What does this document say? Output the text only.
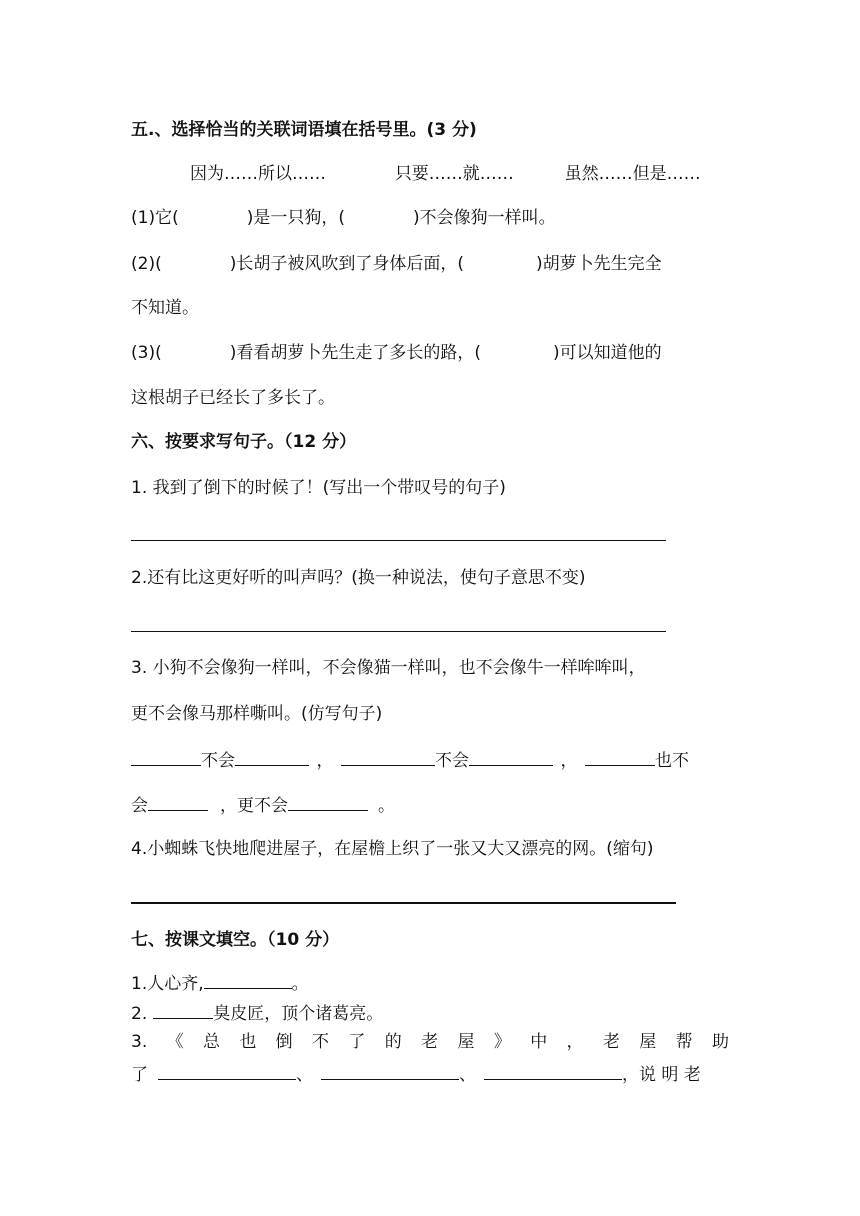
五.、选择恰当的关联词语填在括号里。(3 分)
因为……所以……	只要……就……	虽然……但是……
(1)它(	)是一只狗，(	)不会像狗一样叫。
(2)(	)长胡子被风吹到了身体后面，(	)胡萝卜先生完全
不知道。
(3)(	)看看胡萝卜先生走了多长的路，(	)可以知道他的
这根胡子已经长了多长了。
六、按要求写句子。（12 分）
1. 我到了倒下的时候了！(写出一个带叹号的句子)
2.还有比这更好听的叫声吗？(换一种说法，使句子意思不变)
3. 小狗不会像狗一样叫，不会像猫一样叫，也不会像牛一样哞哞叫，
更不会像马那样嘶叫。(仿写句子)
不会	，	不会	，	也不
会	，更不会	。
4.小蜘蛛飞快地爬进屋子，在屋檐上织了一张又大又漂亮的网。(缩句)
七、按课文填空。（10 分）
1.人心齐,	。
2.	臭皮匠，顶个诸葛亮。
3. 《 总 也 倒 不 了 的 老 屋 》 中 ， 老 屋 帮 助
了	、	、	，说 明 老
